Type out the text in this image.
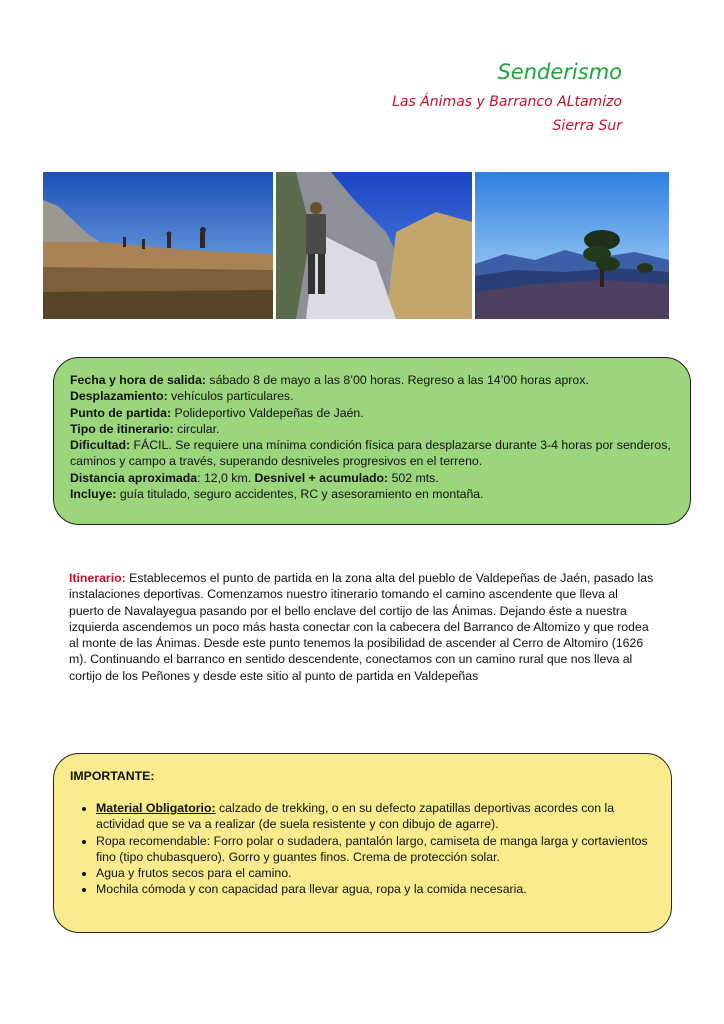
Senderismo
Las Ánimas y Barranco ALtamizo
Sierra Sur

Fecha y hora de salida: sábado 8 de mayo a las 8’00 horas. Regreso a las 14’00 horas aprox.

Desplazamiento: vehículos particulares.

Punto de partida: Polideportivo Valdepeñas de Jaén.

Tipo de itinerario: circular.

Dificultad: FÁCIL. Se requiere una mínima condición física para desplazarse durante 3-4 horas por senderos, caminos y campo a través, superando desniveles progresivos en el terreno.

Distancia aproximada: 12,0 km. Desnivel + acumulado: 502 mts.

Incluye: guía titulado, seguro accidentes, RC y asesoramiento en montaña.

Itinerario: Establecemos el punto de partida en la zona alta del pueblo de Valdepeñas de Jaén, pasado las instalaciones deportivas. Comenzamos nuestro itinerario tomando el camino ascendente que lleva al puerto de Navalayegua pasando por el bello enclave del cortijo de las Ánimas. Dejando éste a nuestra izquierda ascendemos un poco más hasta conectar con la cabecera del Barranco de Altomizo y que rodea al monte de las Ánimas. Desde este punto tenemos la posibilidad de ascender al Cerro de Altomiro (1626 m). Continuando el barranco en sentido descendente, conectamos con un camino rural que nos lleva al cortijo de los Peñones y desde este sitio al punto de partida en Valdepeñas

IMPORTANTE:

• Material Obligatorio: calzado de trekking, o en su defecto zapatillas deportivas acordes con la actividad que se va a realizar (de suela resistente y con dibujo de agarre).
• Ropa recomendable: Forro polar o sudadera, pantalón largo, camiseta de manga larga y cortavientos fino (tipo chubasquero). Gorro y guantes finos. Crema de protección solar.
• Agua y frutos secos para el camino.
• Mochila cómoda y con capacidad para llevar agua, ropa y la comida necesaria.
